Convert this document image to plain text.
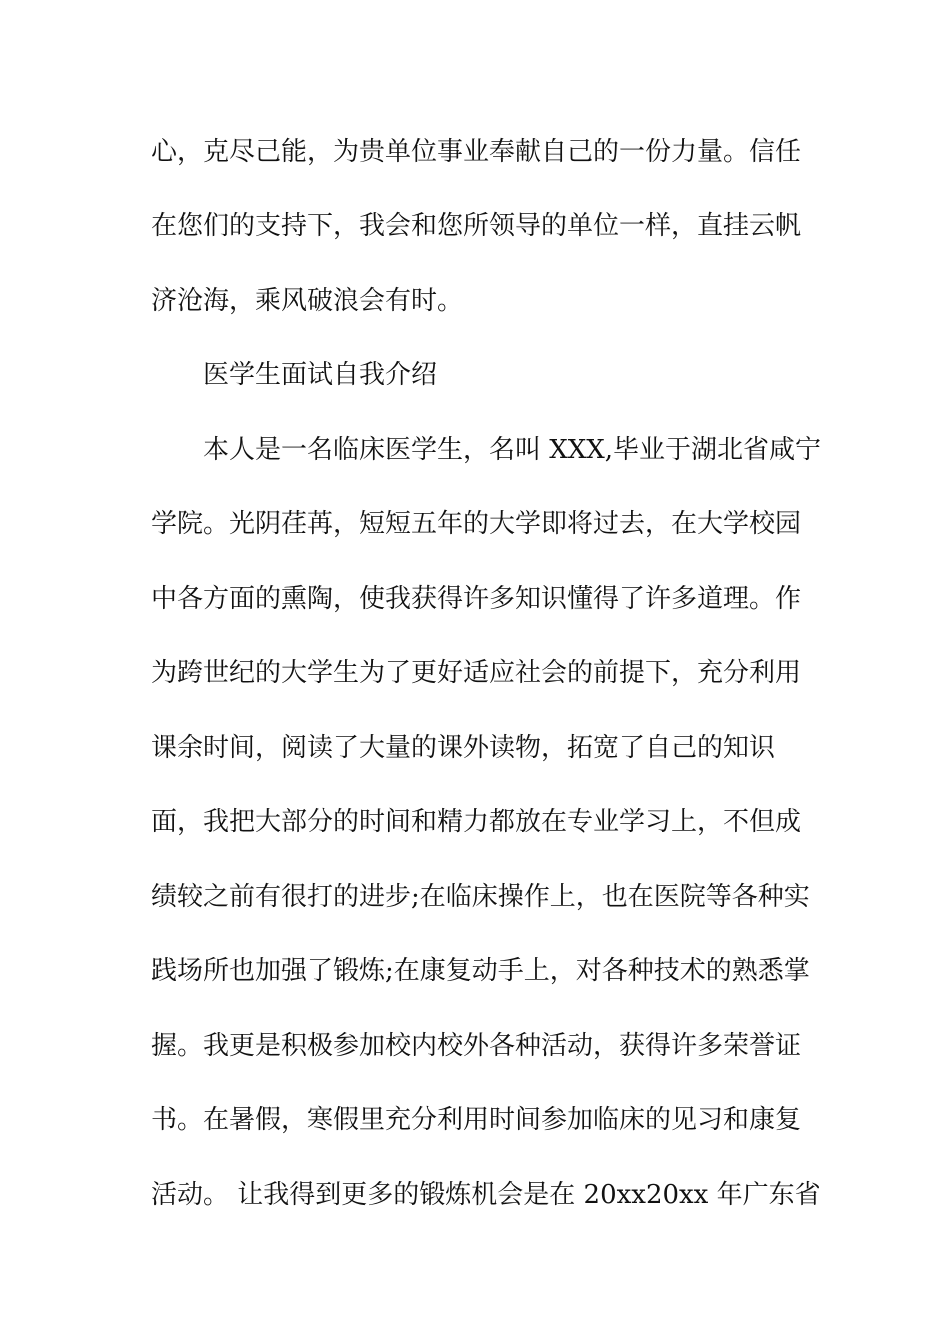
心，克尽己能，为贵单位事业奉献自己的一份力量。信任
在您们的支持下，我会和您所领导的单位一样，直挂云帆
济沧海，乘风破浪会有时。
医学生面试自我介绍
本人是一名临床医学生，名叫 XXX,毕业于湖北省咸宁
学院。光阴荏苒，短短五年的大学即将过去，在大学校园
中各方面的熏陶，使我获得许多知识懂得了许多道理。作
为跨世纪的大学生为了更好适应社会的前提下，充分利用
课余时间，阅读了大量的课外读物，拓宽了自己的知识
面，我把大部分的时间和精力都放在专业学习上，不但成
绩较之前有很打的进步;在临床操作上，也在医院等各种实
践场所也加强了锻炼;在康复动手上，对各种技术的熟悉掌
握。我更是积极参加校内校外各种活动，获得许多荣誉证
书。在暑假，寒假里充分利用时间参加临床的见习和康复
活动。 让我得到更多的锻炼机会是在 20xx20xx 年广东省
